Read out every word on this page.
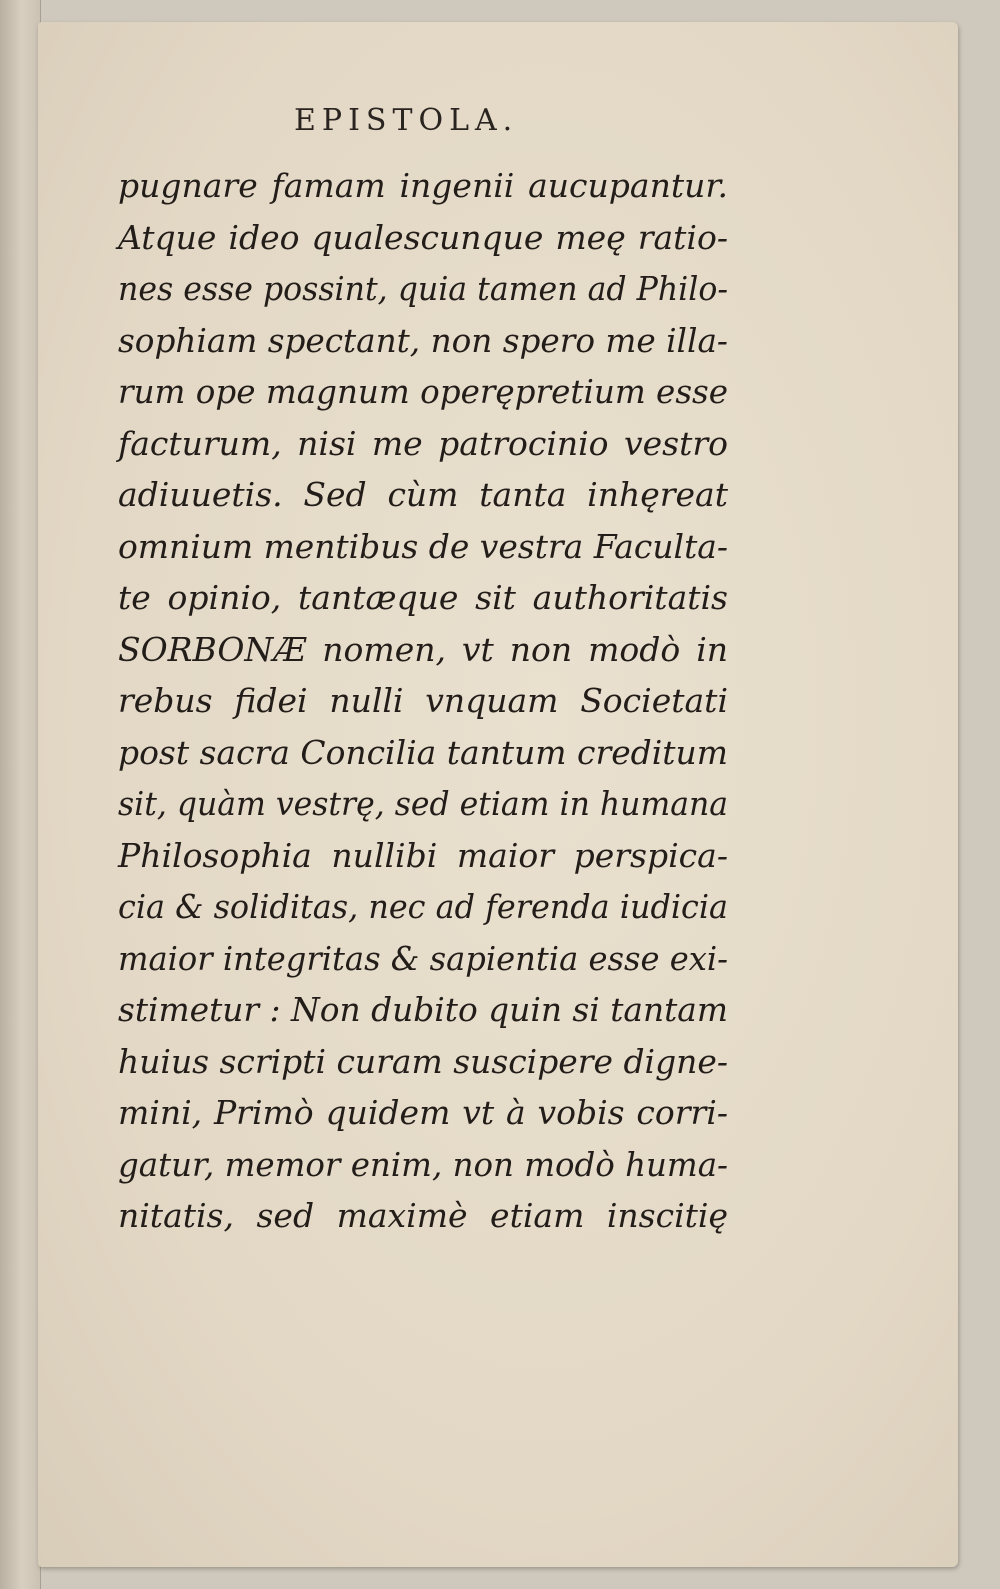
EPISTOLA.
pugnare famam ingenii aucupantur.
Atque ideo qualescunque meę ratio-
nes esse possint, quia tamen ad Philo-
sophiam spectant, non spero me illa-
rum ope magnum operępretium esse
facturum, nisi me patrocinio vestro
adiuuetis. Sed cùm tanta inhęreat
omnium mentibus de vestra Faculta-
te opinio, tantæque sit authoritatis
SORBONÆ nomen, vt non modò in
rebus fidei nulli vnquam Societati
post sacra Concilia tantum creditum
sit, quàm vestrę, sed etiam in humana
Philosophia nullibi maior perspica-
cia & soliditas, nec ad ferenda iudicia
maior integritas & sapientia esse exi-
stimetur : Non dubito quin si tantam
huius scripti curam suscipere digne-
mini, Primò quidem vt à vobis corri-
gatur, memor enim, non modò huma-
nitatis, sed maximè etiam inscitię
